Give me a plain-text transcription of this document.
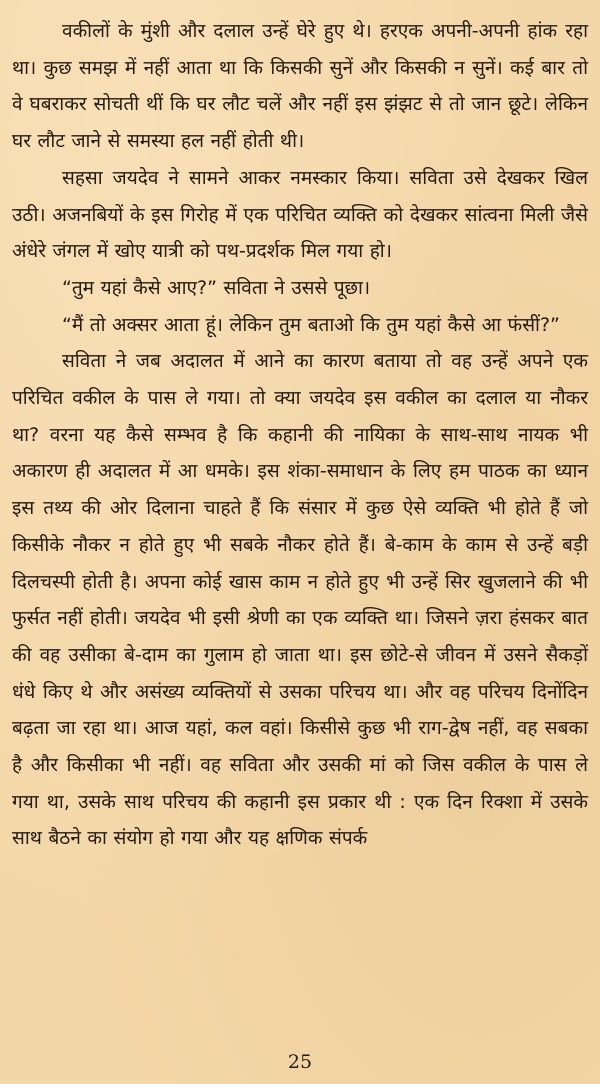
वकीलों के मुंशी और दलाल उन्हें घेरे हुए थे। हरएक अपनी-अपनी हांक रहा था। कुछ समझ में नहीं आता था कि किसकी सुनें और किसकी न सुनें। कई बार तो वे घबराकर सोचती थीं कि घर लौट चलें और नहीं इस झंझट से तो जान छूटे। लेकिन घर लौट जाने से समस्या हल नहीं होती थी।

सहसा जयदेव ने सामने आकर नमस्कार किया। सविता उसे देखकर खिल उठी। अजनबियों के इस गिरोह में एक परिचित व्यक्ति को देखकर सांत्वना मिली जैसे अंधेरे जंगल में खोए यात्री को पथ-प्रदर्शक मिल गया हो।

“तुम यहां कैसे आए?” सविता ने उससे पूछा।

“मैं तो अक्सर आता हूं। लेकिन तुम बताओ कि तुम यहां कैसे आ फंसीं?”

सविता ने जब अदालत में आने का कारण बताया तो वह उन्हें अपने एक परिचित वकील के पास ले गया। तो क्या जयदेव इस वकील का दलाल या नौकर था? वरना यह कैसे सम्भव है कि कहानी की नायिका के साथ-साथ नायक भी अकारण ही अदालत में आ धमके। इस शंका-समाधान के लिए हम पाठक का ध्यान इस तथ्य की ओर दिलाना चाहते हैं कि संसार में कुछ ऐसे व्यक्ति भी होते हैं जो किसीके नौकर न होते हुए भी सबके नौकर होते हैं। बे-काम के काम से उन्हें बड़ी दिलचस्पी होती है। अपना कोई खास काम न होते हुए भी उन्हें सिर खुजलाने की भी फुर्सत नहीं होती। जयदेव भी इसी श्रेणी का एक व्यक्ति था। जिसने ज़रा हंसकर बात की वह उसीका बे-दाम का गुलाम हो जाता था। इस छोटे-से जीवन में उसने सैकड़ों धंधे किए थे और असंख्य व्यक्तियों से उसका परिचय था। और वह परिचय दिनोंदिन बढ़ता जा रहा था। आज यहां, कल वहां। किसीसे कुछ भी राग-द्वेष नहीं, वह सबका है और किसीका भी नहीं। वह सविता और उसकी मां को जिस वकील के पास ले गया था, उसके साथ परिचय की कहानी इस प्रकार थी : एक दिन रिक्शा में उसके साथ बैठने का संयोग हो गया और यह क्षणिक संपर्क

25
